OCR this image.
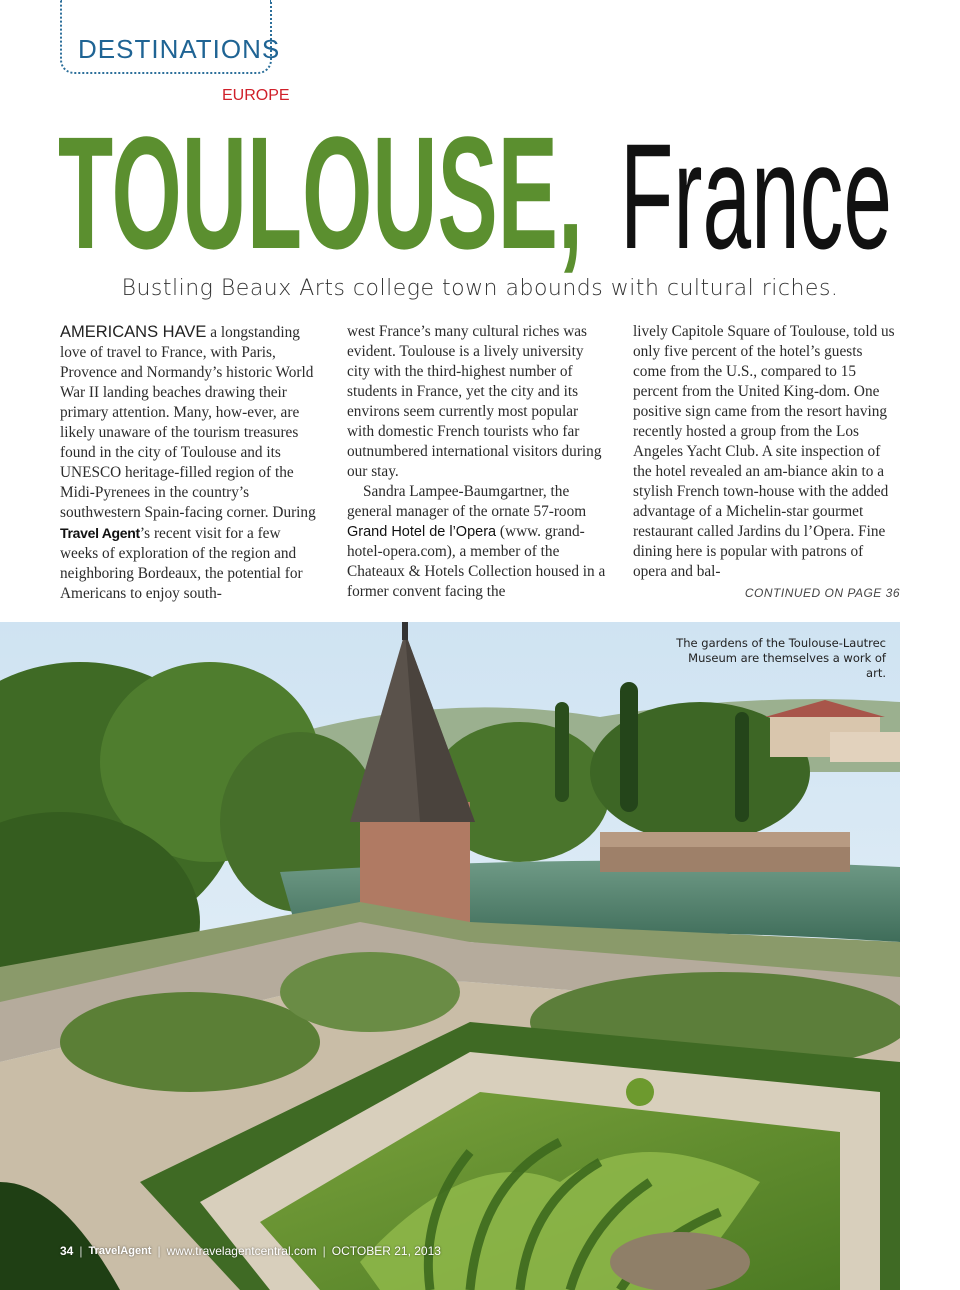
DESTINATIONS
EUROPE
TOULOUSE, France
Bustling Beaux Arts college town abounds with cultural riches.

AMERICANS HAVE a longstanding love of travel to France, with Paris, Provence and Normandy’s historic World War II landing beaches drawing their primary attention. Many, how-ever, are likely unaware of the tourism treasures found in the city of Toulouse and its UNESCO heritage-filled region of the Midi-Pyrenees in the country’s southwestern Spain-facing corner. During Travel Agent’s recent visit for a few weeks of exploration of the region and neighboring Bordeaux, the potential for Americans to enjoy south-

west France’s many cultural riches was evident. Toulouse is a lively university city with the third-highest number of students in France, yet the city and its environs seem currently most popular with domestic French tourists who far outnumbered international visitors during our stay.

Sandra Lampee-Baumgartner, the general manager of the ornate 57-room Grand Hotel de l’Opera (www. grand-hotel-opera.com), a member of the Chateaux & Hotels Collection housed in a former convent facing the

lively Capitole Square of Toulouse, told us only five percent of the hotel’s guests come from the U.S., compared to 15 percent from the United King-dom. One positive sign came from the resort having recently hosted a group from the Los Angeles Yacht Club. A site inspection of the hotel revealed an am-biance akin to a stylish French town-house with the added advantage of a Michelin-star gourmet restaurant called Jardins du l’Opera. Fine dining here is popular with patrons of opera and bal-

CONTINUED ON PAGE 36
The gardens of the Toulouse-Lautrec Museum are themselves a work of art.
34 | TravelAgent | www.travelagentcentral.com | OCTOBER 21, 2013
